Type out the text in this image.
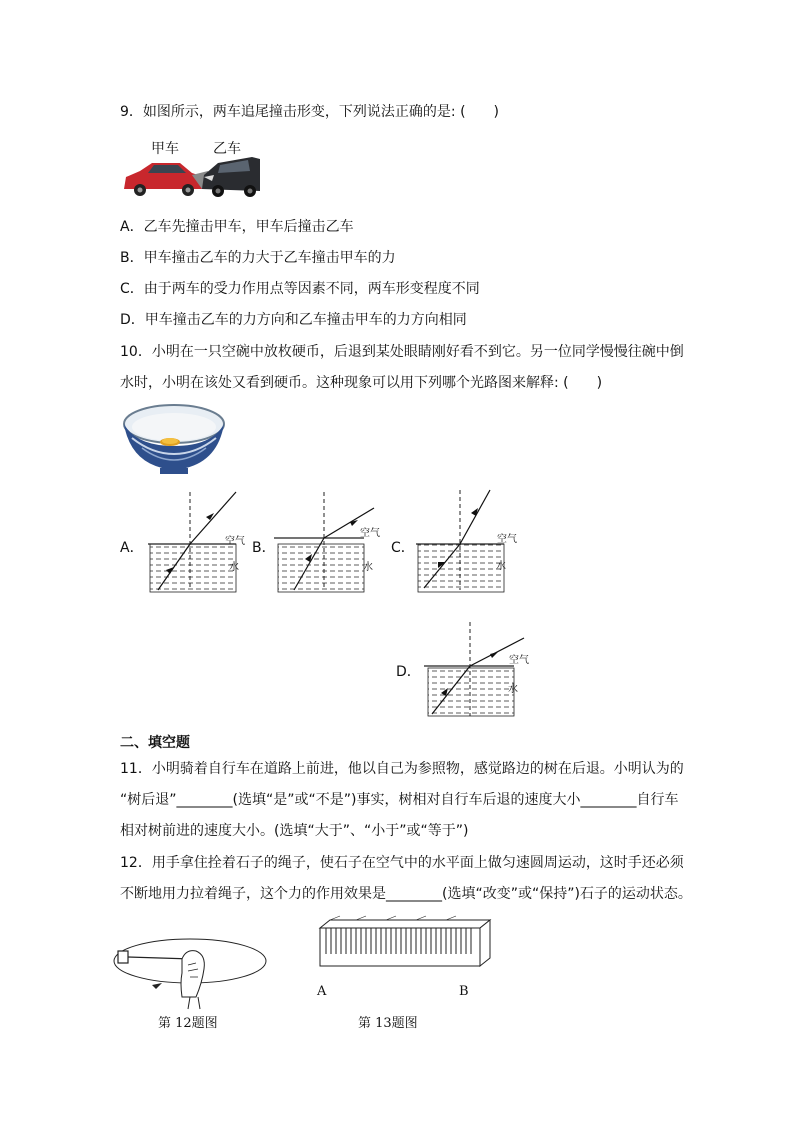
9．如图所示，两车追尾撞击形变，下列说法正确的是: (　　)
甲车 乙车
A．乙车先撞击甲车，甲车后撞击乙车
B．甲车撞击乙车的力大于乙车撞击甲车的力
C．由于两车的受力作用点等因素不同，两车形变程度不同
D．甲车撞击乙车的力方向和乙车撞击甲车的力方向相同
10．小明在一只空碗中放枚硬币，后退到某处眼睛刚好看不到它。另一位同学慢慢往碗中倒
水时，小明在该处又看到硬币。这种现象可以用下列哪个光路图来解释: (　　)
A．	空气
水
B．
空气
水
C．
空气
水
D．
空气
水
二、填空题
11．小明骑着自行车在道路上前进，他以自己为参照物，感觉路边的树在后退。小明认为的
“树后退”________(选填“是”或“不是”)事实，树相对自行车后退的速度大小________自行车
相对树前进的速度大小。(选填“大于”、“小于”或“等于”)
12．用手拿住拴着石子的绳子，使石子在空气中的水平面上做匀速圆周运动，这时手还必须
不断地用力拉着绳子，这个力的作用效果是________(选填“改变”或“保持”)石子的运动状态。
第 12题图
A	B
第 13题图
